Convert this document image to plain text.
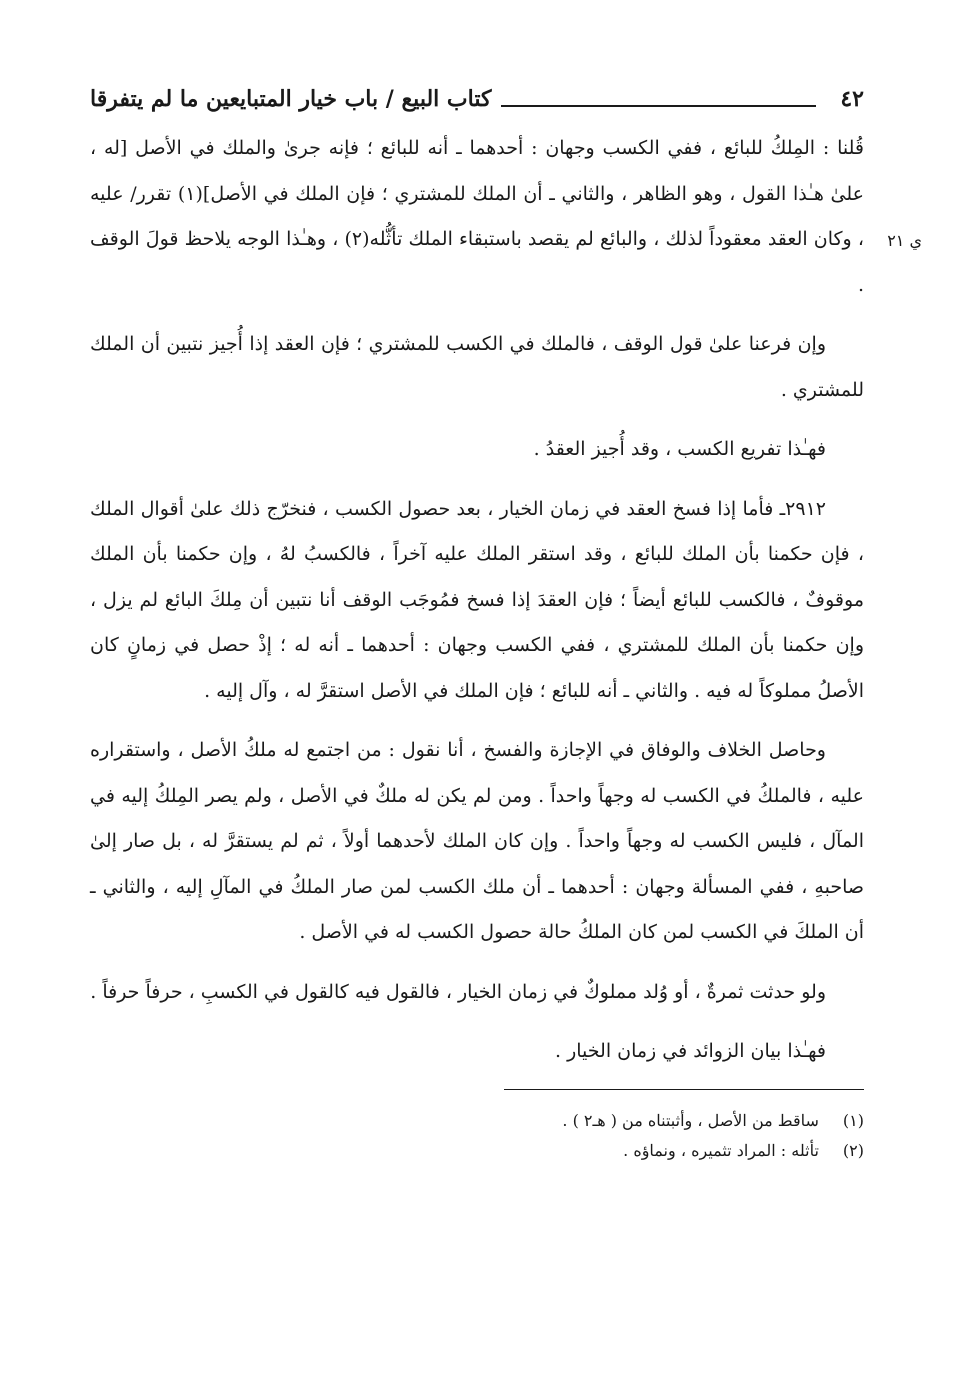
٤٢
كتاب البيع / باب خيار المتبايعين ما لم يتفرقا

ي ٢١
قُلنا : المِلكُ للبائع ، ففي الكسب وجهان : أحدهما ـ أنه للبائع ؛ فإنه جرىٰ والملك في الأصل [له ، علىٰ هـٰذا القول ، وهو الظاهر ، والثاني ـ أن الملك للمشتري ؛ فإن الملك في الأصل](١) تقرر/ عليه ، وكان العقد معقوداً لذلك ، والبائع لم يقصد باستبقاء الملك تأثُّله(٢) ، وهـٰذا الوجه يلاحظ قولَ الوقف .

وإن فرعنا علىٰ قول الوقف ، فالملك في الكسب للمشتري ؛ فإن العقد إذا أُجيز نتبين أن الملك للمشتري .

فهـٰذا تفريع الكسب ، وقد أُجيز العقدُ .

٢٩١٢ـ فأما إذا فسخ العقد في زمان الخيار ، بعد حصول الكسب ، فنخرّج ذلك علىٰ أقوال الملك ، فإن حكمنا بأن الملك للبائع ، وقد استقر الملك عليه آخراً ، فالكسبُ لهُ ، وإن حكمنا بأن الملك موقوفٌ ، فالكسب للبائع أيضاً ؛ فإن العقدَ إذا فسخ فمُوجَب الوقف أنا نتبين أن مِلكَ البائع لم يزل ، وإن حكمنا بأن الملك للمشتري ، ففي الكسب وجهان : أحدهما ـ أنه له ؛ إذْ حصل في زمانٍ كان الأصلُ مملوكاً له فيه . والثاني ـ أنه للبائع ؛ فإن الملك في الأصل استقرَّ له ، وآل إليه .

وحاصل الخلاف والوفاق في الإجازة والفسخ ، أنا نقول : من اجتمع له ملكُ الأصل ، واستقراره عليه ، فالملكُ في الكسب له وجهاً واحداً . ومن لم يكن له ملكٌ في الأصل ، ولم يصر المِلكُ إليه في المآل ، فليس الكسب له وجهاً واحداً . وإن كان الملك لأحدهما أولاً ، ثم لم يستقرَّ له ، بل صار إلىٰ صاحبهِ ، ففي المسألة وجهان : أحدهما ـ أن ملك الكسب لمن صار الملكُ في المآلِ إليه ، والثاني ـ أن الملكَ في الكسب لمن كان الملكُ حالة حصول الكسب له في الأصل .

ولو حدثت ثمرةٌ ، أو وُلد مملوكٌ في زمان الخيار ، فالقول فيه كالقول في الكسبِ ، حرفاً حرفاً .

فهـٰذا بيان الزوائد في زمان الخيار .

(١) ساقط من الأصل ، وأثبتناه من ( هـ٢ ) .
(٢) تأثله : المراد تثميره ، ونماؤه .
